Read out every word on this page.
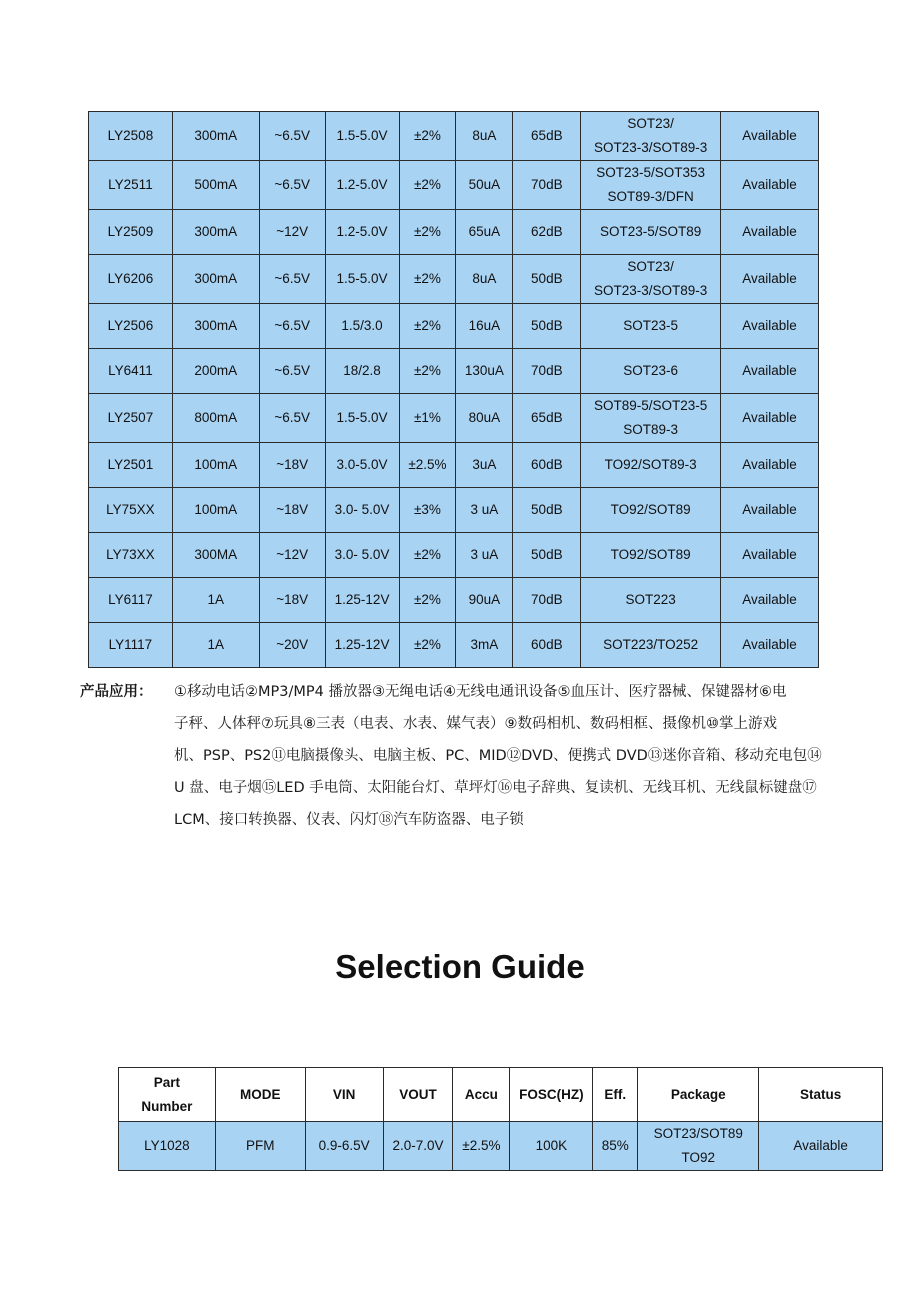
LY2508	300mA	~6.5V	1.5-5.0V	±2%	8uA	65dB	SOT23/
SOT23-3/SOT89-3	Available

LY2511	500mA	~6.5V	1.2-5.0V	±2%	50uA	70dB	SOT23-5/SOT353
SOT89-3/DFN	Available

LY2509	300mA	~12V	1.2-5.0V	±2%	65uA	62dB	SOT23-5/SOT89	Available

LY6206	300mA	~6.5V	1.5-5.0V	±2%	8uA	50dB	SOT23/
SOT23-3/SOT89-3	Available

LY2506	300mA	~6.5V	1.5/3.0	±2%	16uA	50dB	SOT23-5	Available

LY6411	200mA	~6.5V	18/2.8	±2%	130uA	70dB	SOT23-6	Available

LY2507	800mA	~6.5V	1.5-5.0V	±1%	80uA	65dB	SOT89-5/SOT23-5
SOT89-3	Available

LY2501	100mA	~18V	3.0-5.0V	±2.5%	3uA	60dB	TO92/SOT89-3	Available

LY75XX	100mA	~18V	3.0- 5.0V	±3%	3 uA	50dB	TO92/SOT89	Available

LY73XX	300MA	~12V	3.0- 5.0V	±2%	3 uA	50dB	TO92/SOT89	Available

LY6117	1A	~18V	1.25-12V	±2%	90uA	70dB	SOT223	Available

LY1117	1A	~20V	1.25-12V	±2%	3mA	60dB	SOT223/TO252	Available
产品应用： ①移动电话②MP3/MP4 播放器③无绳电话④无线电通讯设备⑤血压计、医疗器械、保键器材⑥电
子秤、人体秤⑦玩具⑧三表（电表、水表、媒气表）⑨数码相机、数码相框、摄像机⑩掌上游戏
机、PSP、PS2⑪电脑摄像头、电脑主板、PC、MID⑫DVD、便携式 DVD⑬迷你音箱、移动充电包⑭
U 盘、电子烟⑮LED 手电筒、太阳能台灯、草坪灯⑯电子辞典、复读机、无线耳机、无线鼠标键盘⑰
LCM、接口转换器、仪表、闪灯⑱汽车防盗器、电子锁
Selection Guide
Part
Number	MODE	VIN	VOUT	Accu	FOSC(HZ)	Eff.	Package	Status

LY1028	PFM	0.9-6.5V	2.0-7.0V	±2.5%	100K	85%	SOT23/SOT89
TO92	Available
